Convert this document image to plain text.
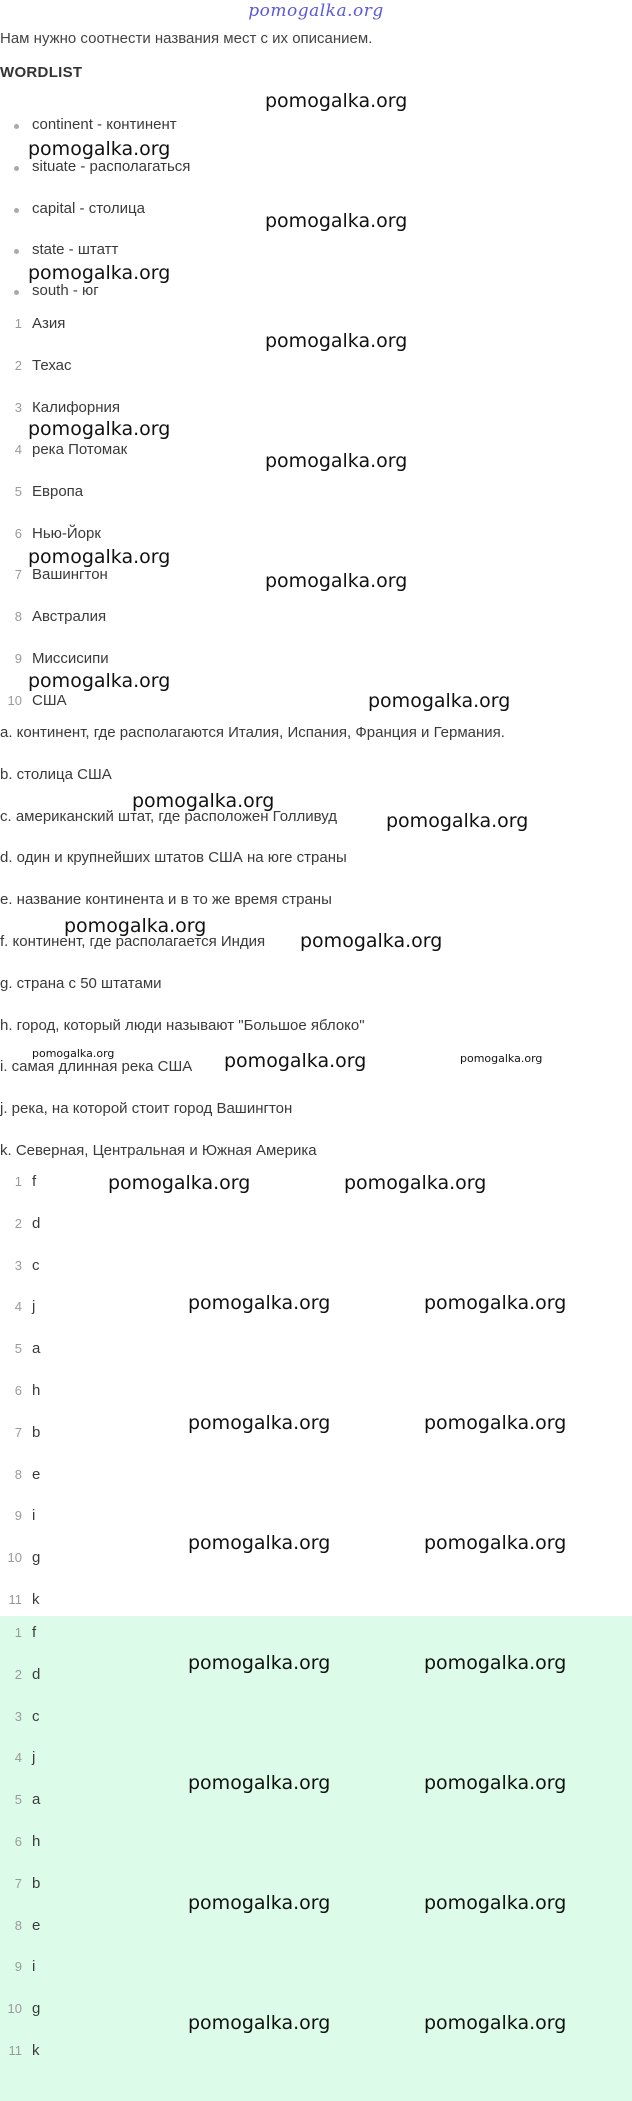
pomogalka.org
Нам нужно соотнести названия мест с их описанием.
WORDLIST
continent - континент
situate - располагаться
capital - столица
state - штатт
south - юг
1 Азия
2 Техас
3 Калифорния
4 река Потомак
5 Европа
6 Нью-Йорк
7 Вашингтон
8 Австралия
9 Миссисипи
10 США
a. континент, где располагаются Италия, Испания, Франция и Германия.
b. столица США
c. американский штат, где расположен Голливуд
d. один и крупнейших штатов США на юге страны
e. название континента и в то же время страны
f. континент, где располагается Индия
g. страна с 50 штатами
h. город, который люди называют "Большое яблоко"
i. самая длинная река США
j. река, на которой стоит город Вашингтон
k. Северная, Центральная и Южная Америка
1 f
2 d
3 c
4 j
5 a
6 h
7 b
8 e
9 i
10 g
11 k
1 f
2 d
3 c
4 j
5 a
6 h
7 b
8 e
9 i
10 g
11 k
pomogalka.org
pomogalka.org
pomogalka.org
pomogalka.org
pomogalka.org
pomogalka.org
pomogalka.org
pomogalka.org
pomogalka.org
pomogalka.org
pomogalka.org
pomogalka.org
pomogalka.org
pomogalka.org
pomogalka.org
pomogalka.org
pomogalka.org	pomogalka.org
pomogalka.org	pomogalka.org
pomogalka.org	pomogalka.org
pomogalka.org	pomogalka.org
pomogalka.org	pomogalka.org
pomogalka.org	pomogalka.org
pomogalka.org	pomogalka.org
pomogalka.org	pomogalka.org
pomogalka.org	pomogalka.org
